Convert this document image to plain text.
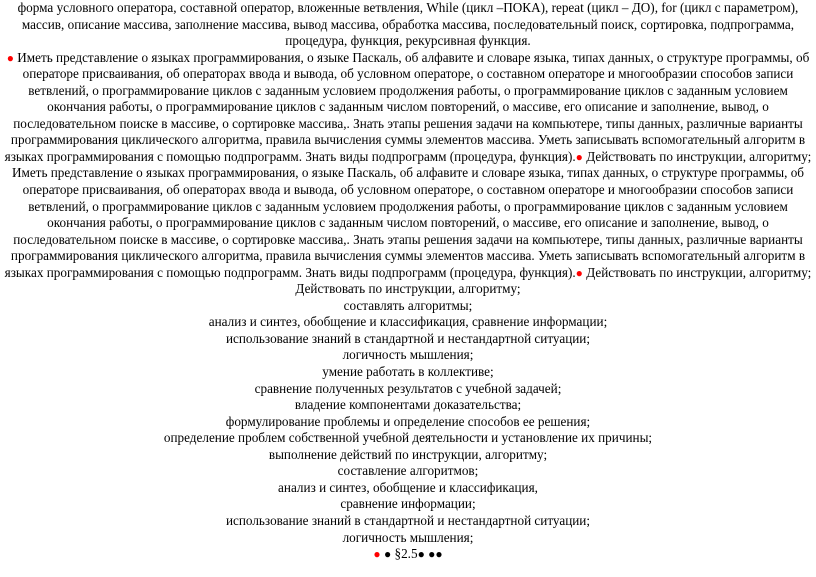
форма условного оператора, составной оператор, вложенные ветвления, While (цикл –ПОКА), repeat (цикл – ДО), for (цикл с параметром), массив, описание массива, заполнение массива, вывод массива, обработка массива, последовательный поиск, сортировка, подпрограмма, процедура, функция, рекурсивная функция.

● Иметь представление о языках программирования, о языке Паскаль, об алфавите и словаре языка, типах данных, о структуре программы, об операторе присваивания, об операторах ввода и вывода, об условном операторе, о составном операторе и многообразии способов записи ветвлений, о программирование циклов с заданным условием продолжения работы, о программирование циклов с заданным условием окончания работы, о программирование циклов с заданным числом повторений, о массиве, его описание и заполнение, вывод, о последовательном поиске в массиве, о сортировке массива,. Знать этапы решения задачи на компьютере, типы данных, различные варианты программирования циклического алгоритма, правила вычисления суммы элементов массива. Уметь записывать вспомогательный алгоритм в языках программирования с помощью подпрограмм. Знать виды подпрограмм (процедура, функция).● Действовать по инструкции, алгоритму;

Иметь представление о языках программирования, о языке Паскаль, об алфавите и словаре языка, типах данных, о структуре программы, об операторе присваивания, об операторах ввода и вывода, об условном операторе, о составном операторе и многообразии способов записи ветвлений, о программирование циклов с заданным условием продолжения работы, о программирование циклов с заданным условием окончания работы, о программирование циклов с заданным числом повторений, о массиве, его описание и заполнение, вывод, о последовательном поиске в массиве, о сортировке массива,. Знать этапы решения задачи на компьютере, типы данных, различные варианты программирования циклического алгоритма, правила вычисления суммы элементов массива. Уметь записывать вспомогательный алгоритм в языках программирования с помощью подпрограмм. Знать виды подпрограмм (процедура, функция).● Действовать по инструкции, алгоритму;

Действовать по инструкции, алгоритму;

составлять алгоритмы;

анализ и синтез, обобщение и классификация, сравнение информации;

использование знаний в стандартной и нестандартной ситуации;

логичность мышления;

умение работать в коллективе;

сравнение полученных результатов с учебной задачей;

владение компонентами доказательства;

формулирование проблемы и определение способов ее решения;

определение проблем собственной учебной деятельности и установление их причины;

выполнение действий по инструкции, алгоритму;

составление алгоритмов;

анализ и синтез, обобщение и классификация,

сравнение информации;

использование знаний в стандартной и нестандартной ситуации;

логичность мышления;

● ● §2.5● ●●
